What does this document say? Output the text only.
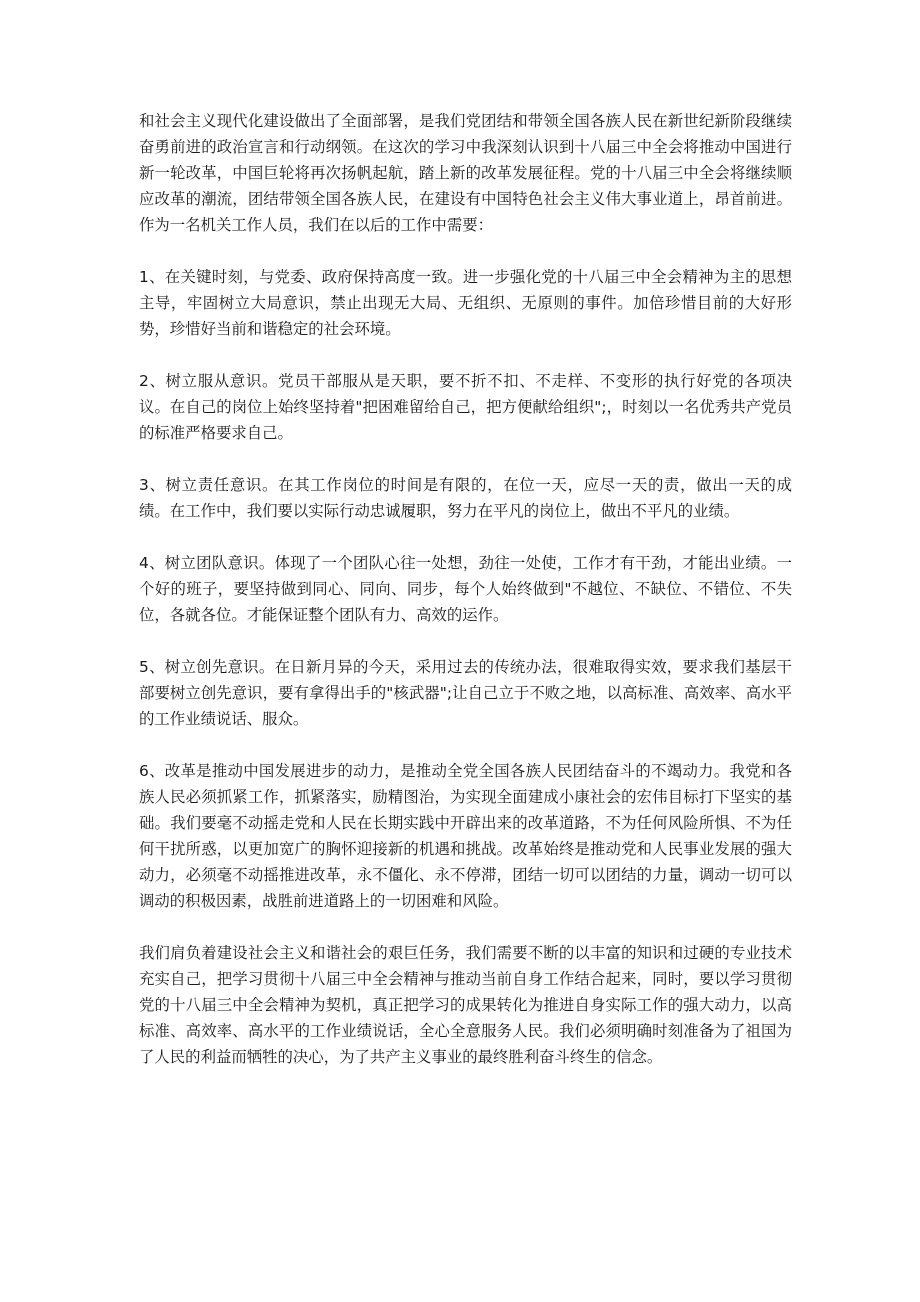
和社会主义现代化建设做出了全面部署，是我们党团结和带领全国各族人民在新世纪新阶段继续奋勇前进的政治宣言和行动纲领。在这次的学习中我深刻认识到十八届三中全会将推动中国进行新一轮改革，中国巨轮将再次扬帆起航，踏上新的改革发展征程。党的十八届三中全会将继续顺应改革的潮流，团结带领全国各族人民，在建设有中国特色社会主义伟大事业道上，昂首前进。作为一名机关工作人员，我们在以后的工作中需要：

1、在关键时刻，与党委、政府保持高度一致。进一步强化党的十八届三中全会精神为主的思想主导，牢固树立大局意识，禁止出现无大局、无组织、无原则的事件。加倍珍惜目前的大好形势，珍惜好当前和谐稳定的社会环境。

2、树立服从意识。党员干部服从是天职，要不折不扣、不走样、不变形的执行好党的各项决议。在自己的岗位上始终坚持着"把困难留给自己，把方便献给组织";，时刻以一名优秀共产党员的标准严格要求自己。

3、树立责任意识。在其工作岗位的时间是有限的，在位一天，应尽一天的责，做出一天的成绩。在工作中，我们要以实际行动忠诚履职，努力在平凡的岗位上，做出不平凡的业绩。

4、树立团队意识。体现了一个团队心往一处想，劲往一处使，工作才有干劲，才能出业绩。一个好的班子，要坚持做到同心、同向、同步，每个人始终做到"不越位、不缺位、不错位、不失位，各就各位。才能保证整个团队有力、高效的运作。

5、树立创先意识。在日新月异的今天，采用过去的传统办法，很难取得实效，要求我们基层干部要树立创先意识，要有拿得出手的"核武器";让自己立于不败之地，以高标准、高效率、高水平的工作业绩说话、服众。

6、改革是推动中国发展进步的动力，是推动全党全国各族人民团结奋斗的不竭动力。我党和各族人民必须抓紧工作，抓紧落实，励精图治，为实现全面建成小康社会的宏伟目标打下坚实的基础。我们要毫不动摇走党和人民在长期实践中开辟出来的改革道路，不为任何风险所惧、不为任何干扰所惑，以更加宽广的胸怀迎接新的机遇和挑战。改革始终是推动党和人民事业发展的强大动力，必须毫不动摇推进改革，永不僵化、永不停滞，团结一切可以团结的力量，调动一切可以调动的积极因素，战胜前进道路上的一切困难和风险。

我们肩负着建设社会主义和谐社会的艰巨任务，我们需要不断的以丰富的知识和过硬的专业技术充实自己，把学习贯彻十八届三中全会精神与推动当前自身工作结合起来，同时，要以学习贯彻党的十八届三中全会精神为契机，真正把学习的成果转化为推进自身实际工作的强大动力，以高标准、高效率、高水平的工作业绩说话，全心全意服务人民。我们必须明确时刻准备为了祖国为了人民的利益而牺牲的决心，为了共产主义事业的最终胜利奋斗终生的信念。
